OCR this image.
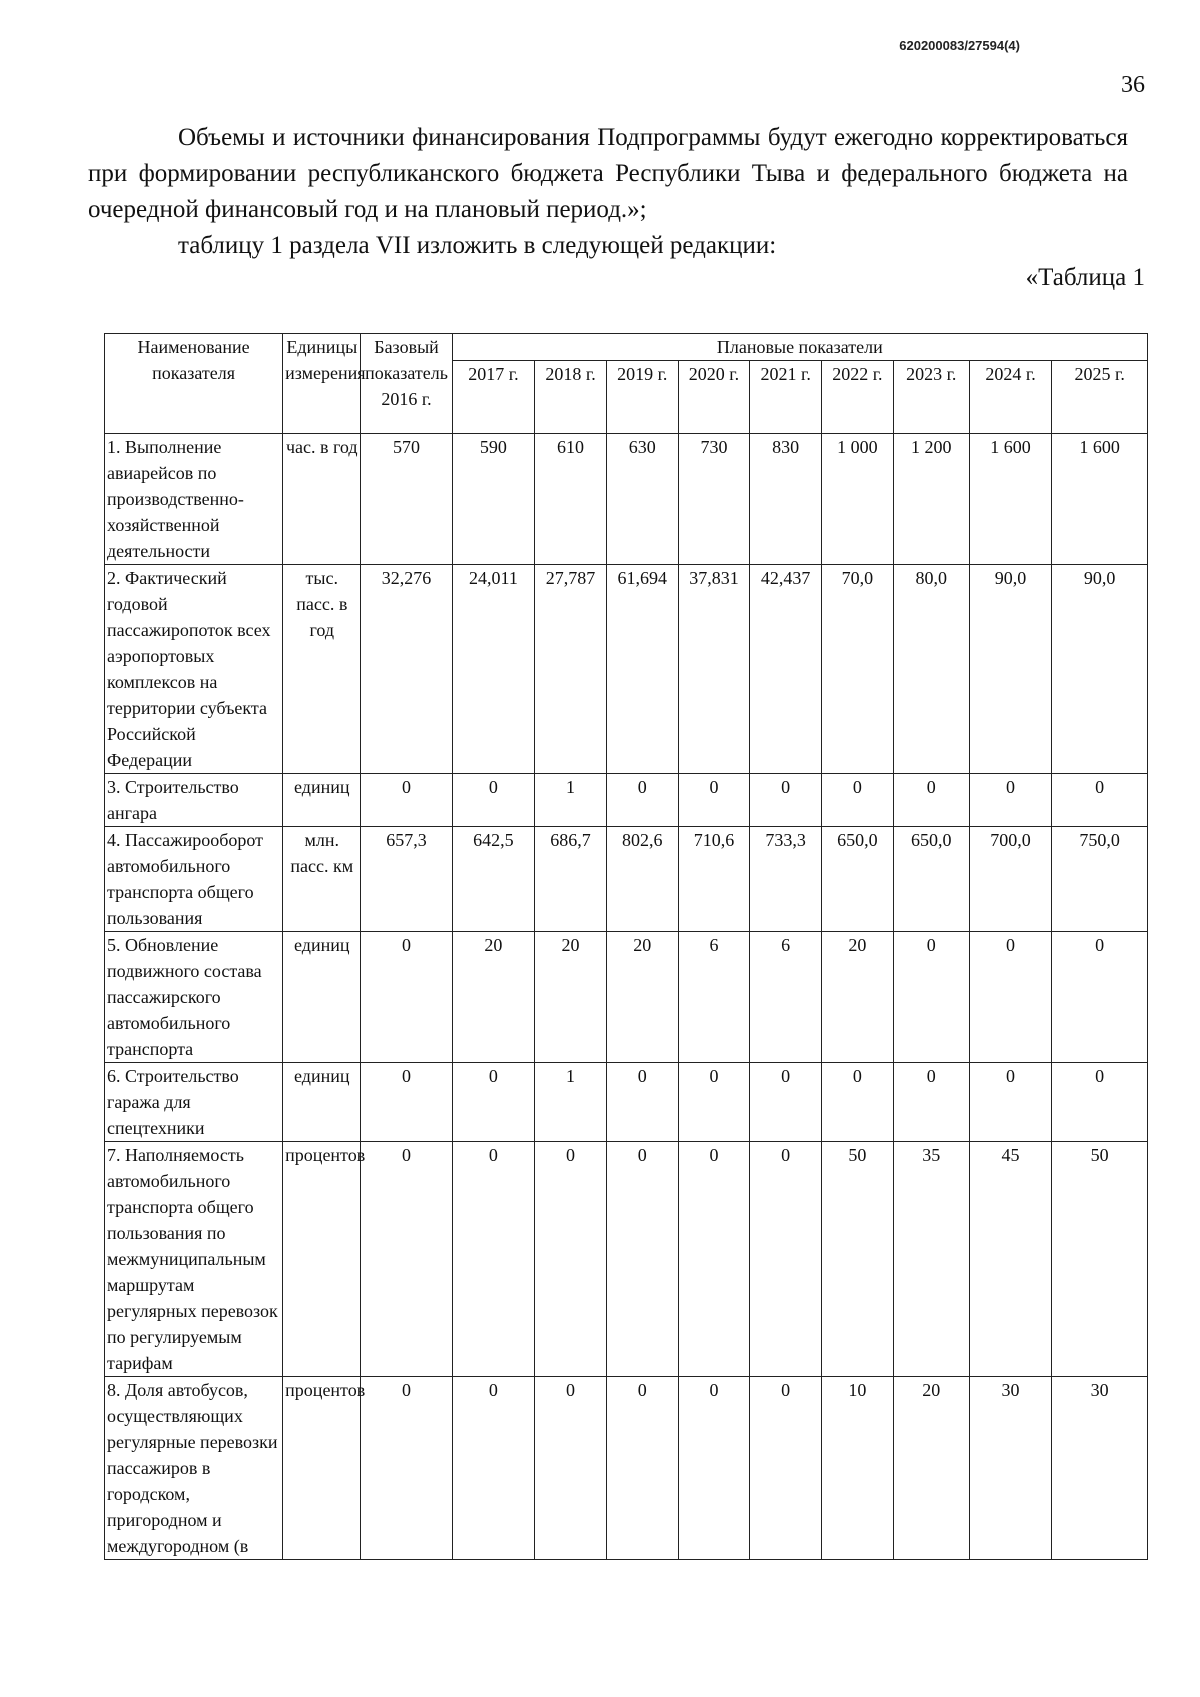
620200083/27594(4)
36

Объемы и источники финансирования Подпрограммы будут ежегодно корректироваться при формировании республиканского бюджета Республики Тыва и федерального бюджета на очередной финансовый год и на плановый период.»;

таблицу 1 раздела VII изложить в следующей редакции:

«Таблица 1
Наименование показателя	Единицы измерения	Базовый показатель 2016 г.	Плановые показатели								
			2017 г.	2018 г.	2019 г.	2020 г.	2021 г.	2022 г.	2023 г.	2024 г.	2025 г.
1. Выполнение авиарейсов по производственно-хозяйственной деятельности	час. в год	570	590	610	630	730	830	1 000	1 200	1 600	1 600
2. Фактический годовой пассажиропоток всех аэропортовых комплексов на территории субъекта Российской Федерации	тыс. пасс. в год	32,276	24,011	27,787	61,694	37,831	42,437	70,0	80,0	90,0	90,0
3. Строительство ангара	единиц	0	0	1	0	0	0	0	0	0	0
4. Пассажирооборот автомобильного транспорта общего пользования	млн. пасс. км	657,3	642,5	686,7	802,6	710,6	733,3	650,0	650,0	700,0	750,0
5. Обновление подвижного состава пассажирского автомобильного транспорта	единиц	0	20	20	20	6	6	20	0	0	0
6. Строительство гаража для спецтехники	единиц	0	0	1	0	0	0	0	0	0	0
7. Наполняемость автомобильного транспорта общего пользования по межмуниципальным маршрутам регулярных перевозок по регулируемым тарифам	процентов	0	0	0	0	0	0	50	35	45	50
8. Доля автобусов, осуществляющих регулярные перевозки пассажиров в городском, пригородном и междугородном (в	процентов	0	0	0	0	0	0	10	20	30	30
